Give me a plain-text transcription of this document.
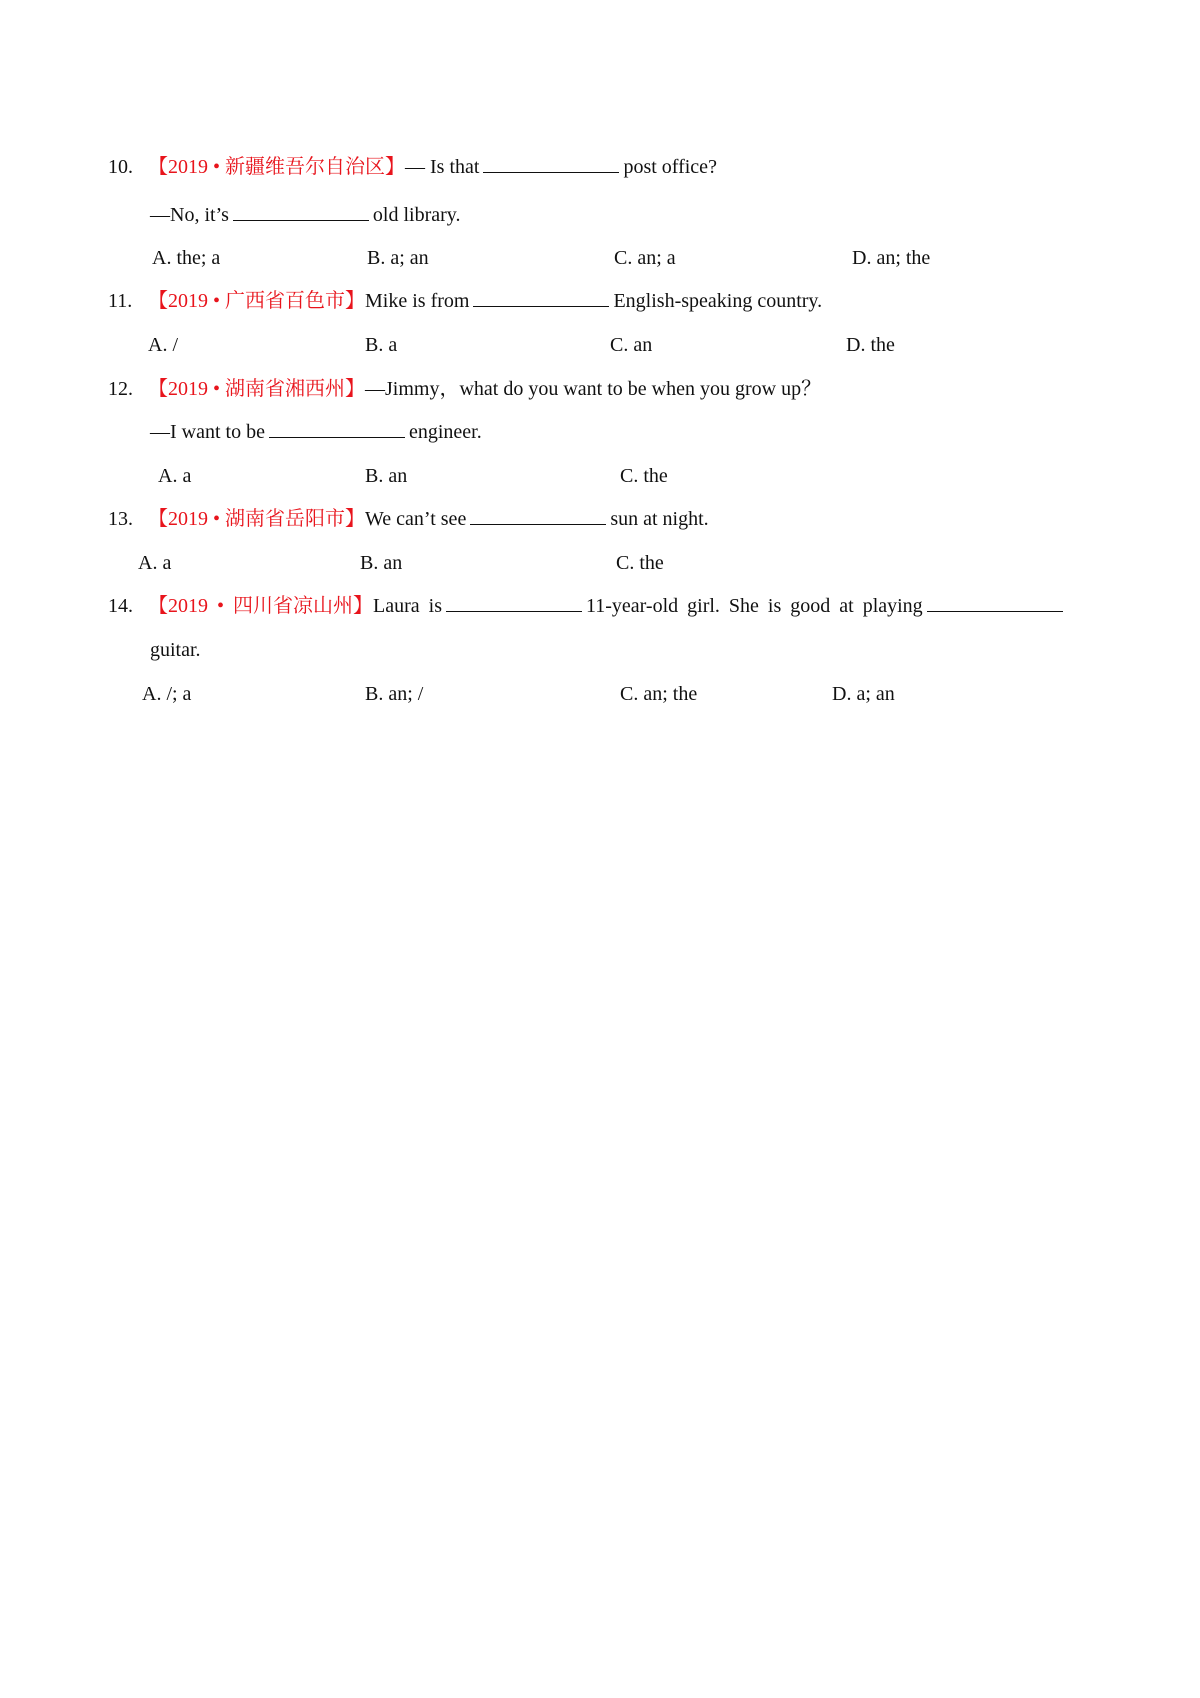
10. 【2019 • 新疆维吾尔自治区】— Is that	post office?
—No, it’s	old library.
A. the; a	B. a; an	C. an; a	D. an; the
11. 【2019 • 广西省百色市】Mike is from	English-speaking country.
A. /	B. a	C. an	D. the
12. 【2019 • 湖南省湘西州】—Jimmy，what do you want to be when you grow up？
—I want to be	engineer.
A. a	B. an	C. the
13. 【2019 • 湖南省岳阳市】We can’t see	sun at night.
A. a	B. an	C. the
14. 【2019 • 四川省凉山州】Laura is	11-year-old girl. She is good at playing
guitar.
A. /; a	B. an; /	C. an; the	D. a; an
